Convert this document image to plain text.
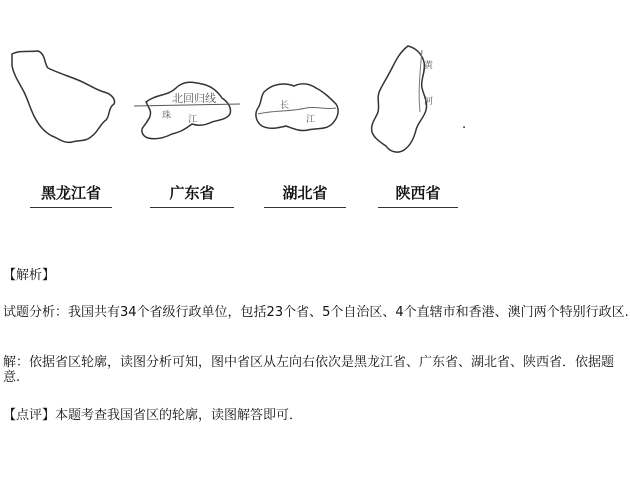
北回归线
珠 江
长
江
黄
河
.
黑龙江省	广东省	湖北省	陕西省
【解析】
试题分析：我国共有34个省级行政单位，包括23个省、5个自治区、4个直辖市和香港、澳门两个特别行政区.
解：依据省区轮廓，读图分析可知，图中省区从左向右依次是黑龙江省、广东省、湖北省、陕西省．依据题意.
【点评】本题考查我国省区的轮廓，读图解答即可．
